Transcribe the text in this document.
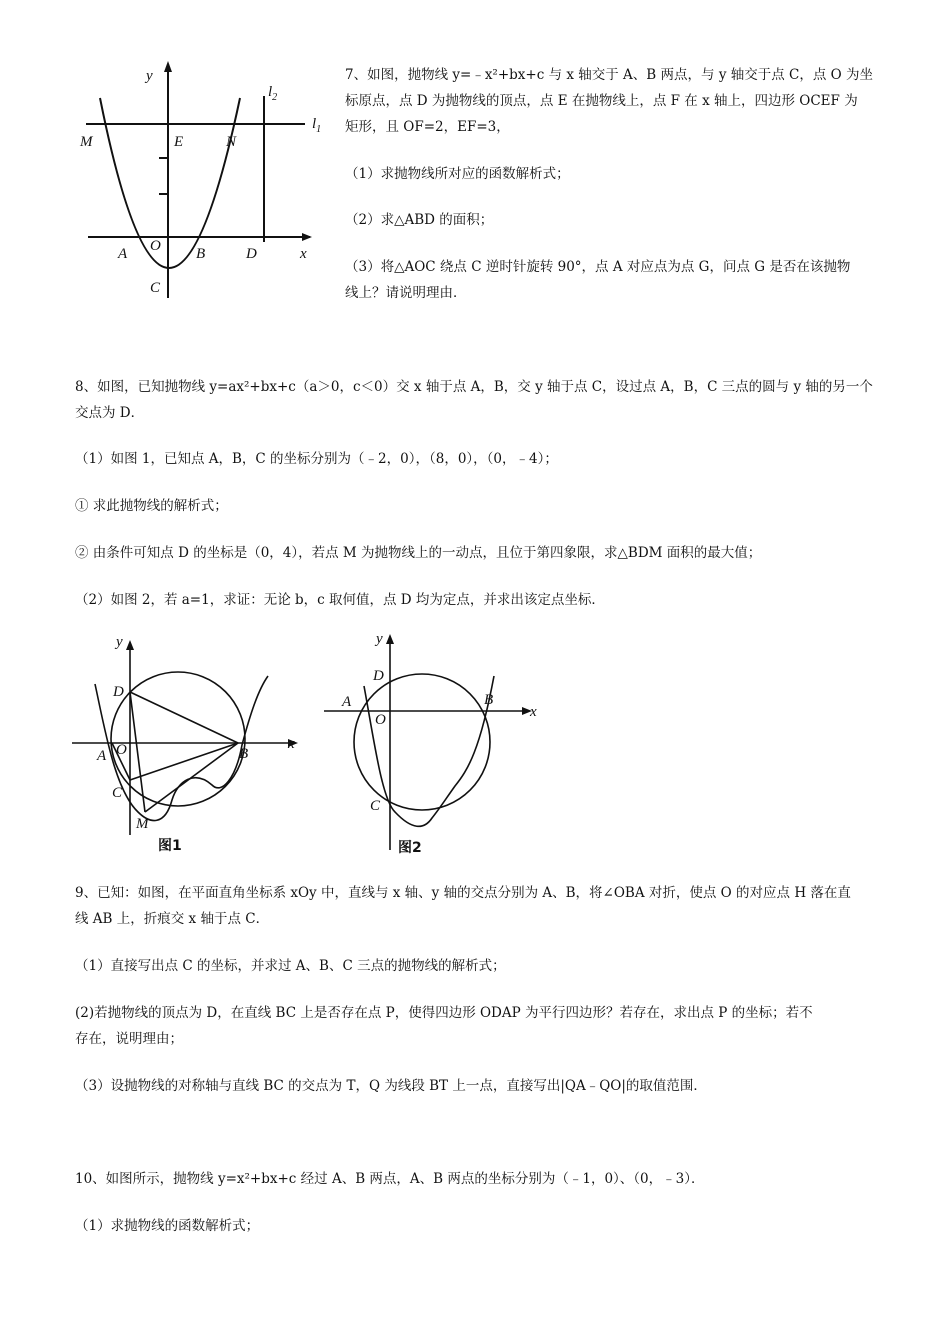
y
x
$l_2$
$l_1$
M	E	N
A O B	D
C
7、如图，抛物线 y=﹣x²+bx+c 与 x 轴交于 A、B 两点，与 y 轴交于点 C，点 O 为坐
标原点，点 D 为抛物线的顶点，点 E 在抛物线上，点 F 在 x 轴上，四边形 OCEF 为
矩形，且 OF=2，EF=3，
（1）求抛物线所对应的函数解析式；
（2）求△ABD 的面积；
（3）将△AOC 绕点 C 逆时针旋转 90°，点 A 对应点为点 G，问点 G 是否在该抛物
线上？请说明理由．
8、如图，已知抛物线 y=ax²+bx+c（a＞0，c＜0）交 x 轴于点 A，B，交 y 轴于点 C，设过点 A，B，C 三点的圆与 y 轴的另一个
交点为 D．
（1）如图 1，已知点 A，B，C 的坐标分别为（﹣2，0），（8，0），（0，﹣4）；
① 求此抛物线的解析式；
② 由条件可知点 D 的坐标是（0，4），若点 M 为抛物线上的一动点，且位于第四象限，求△BDM 面积的最大值；
（2）如图 2，若 a=1，求证：无论 b，c 取何值，点 D 均为定点，并求出该定点坐标．
y
x
D
A O	B
C
M
图1
y
x
D
A
O
B
C
图2
9、已知：如图，在平面直角坐标系 xOy 中，直线与 x 轴、y 轴的交点分别为 A、B，将∠OBA 对折，使点 O 的对应点 H 落在直
线 AB 上，折痕交 x 轴于点 C．
（1）直接写出点 C 的坐标，并求过 A、B、C 三点的抛物线的解析式；
(2)若抛物线的顶点为 D，在直线 BC 上是否存在点 P，使得四边形 ODAP 为平行四边形？若存在，求出点 P 的坐标；若不
存在，说明理由；
（3）设抛物线的对称轴与直线 BC 的交点为 T，Q 为线段 BT 上一点，直接写出|QA﹣QO|的取值范围．
10、如图所示，抛物线 y=x²+bx+c 经过 A、B 两点，A、B 两点的坐标分别为（﹣1，0）、（0，﹣3）．
（1）求抛物线的函数解析式；
